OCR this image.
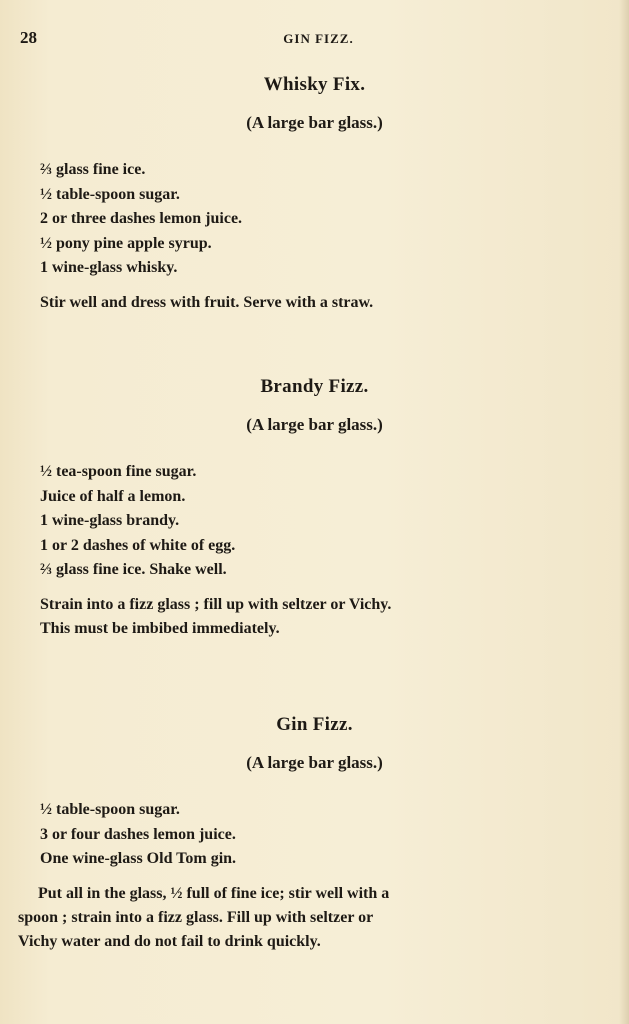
28	GIN FIZZ.
Whisky Fix.
(A large bar glass.)
⅔ glass fine ice.
½ table-spoon sugar.
2 or three dashes lemon juice.
½ pony pine apple syrup.
1 wine-glass whisky.
Stir well and dress with fruit. Serve with a straw.
Brandy Fizz.
(A large bar glass.)
½ tea-spoon fine sugar.
Juice of half a lemon.
1 wine-glass brandy.
1 or 2 dashes of white of egg.
⅔ glass fine ice. Shake well.
Strain into a fizz glass ; fill up with seltzer or Vichy.
This must be imbibed immediately.
Gin Fizz.
(A large bar glass.)
½ table-spoon sugar.
3 or four dashes lemon juice.
One wine-glass Old Tom gin.
Put all in the glass, ½ full of fine ice; stir well with a
spoon ; strain into a fizz glass. Fill up with seltzer or
Vichy water and do not fail to drink quickly.
